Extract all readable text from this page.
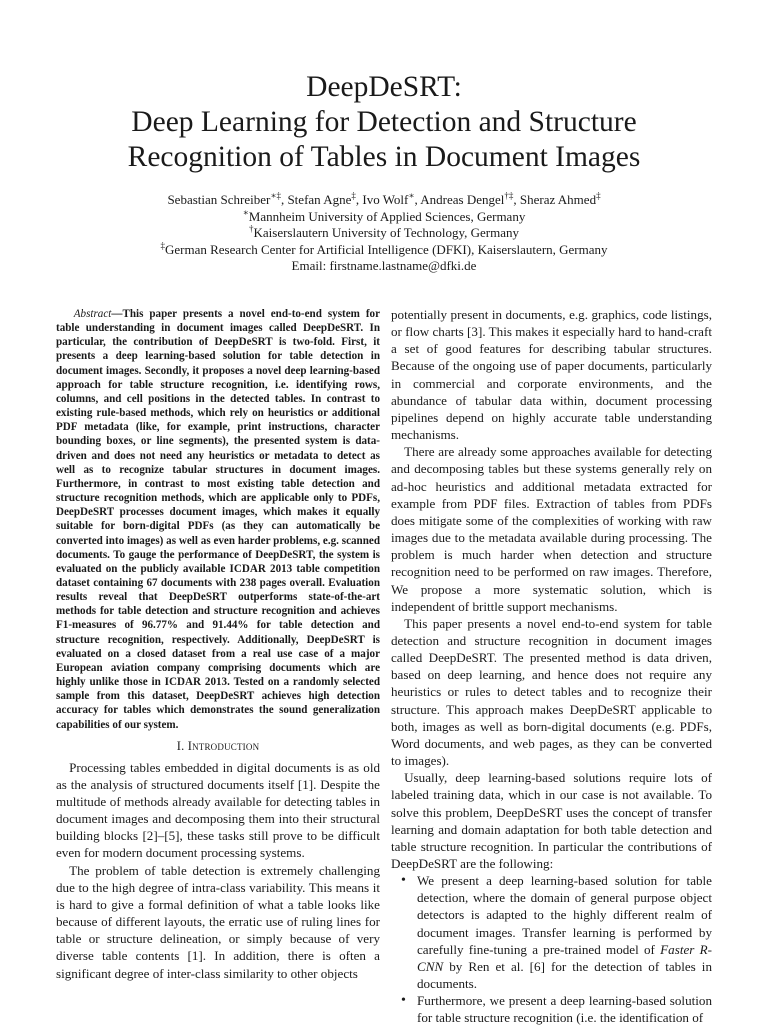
DeepDeSRT:
Deep Learning for Detection and Structure
Recognition of Tables in Document Images
Sebastian Schreiber∗‡, Stefan Agne‡, Ivo Wolf∗, Andreas Dengel†‡, Sheraz Ahmed‡
∗Mannheim University of Applied Sciences, Germany
†Kaiserslautern University of Technology, Germany
‡German Research Center for Artificial Intelligence (DFKI), Kaiserslautern, Germany
Email: firstname.lastname@dfki.de

Abstract—This paper presents a novel end-to-end system for table understanding in document images called DeepDeSRT. In particular, the contribution of DeepDeSRT is two-fold. First, it presents a deep learning-based solution for table detection in document images. Secondly, it proposes a novel deep learning-based approach for table structure recognition, i.e. identifying rows, columns, and cell positions in the detected tables. In contrast to existing rule-based methods, which rely on heuristics or additional PDF metadata (like, for example, print instructions, character bounding boxes, or line segments), the presented system is data-driven and does not need any heuristics or metadata to detect as well as to recognize tabular structures in document images. Furthermore, in contrast to most existing table detection and structure recognition methods, which are applicable only to PDFs, DeepDeSRT processes document images, which makes it equally suitable for born-digital PDFs (as they can automatically be converted into images) as well as even harder problems, e.g. scanned documents. To gauge the performance of DeepDeSRT, the system is evaluated on the publicly available ICDAR 2013 table competition dataset containing 67 documents with 238 pages overall. Evaluation results reveal that DeepDeSRT outperforms state-of-the-art methods for table detection and structure recognition and achieves F1-measures of 96.77% and 91.44% for table detection and structure recognition, respectively. Additionally, DeepDeSRT is evaluated on a closed dataset from a real use case of a major European aviation company comprising documents which are highly unlike those in ICDAR 2013. Tested on a randomly selected sample from this dataset, DeepDeSRT achieves high detection accuracy for tables which demonstrates the sound generalization capabilities of our system.

I. Introduction

Processing tables embedded in digital documents is as old as the analysis of structured documents itself [1]. Despite the multitude of methods already available for detecting tables in document images and decomposing them into their structural building blocks [2]–[5], these tasks still prove to be difficult even for modern document processing systems.

The problem of table detection is extremely challenging due to the high degree of intra-class variability. This means it is hard to give a formal definition of what a table looks like because of different layouts, the erratic use of ruling lines for table or structure delineation, or simply because of very diverse table contents [1]. In addition, there is often a significant degree of inter-class similarity to other objects

potentially present in documents, e.g. graphics, code listings, or flow charts [3]. This makes it especially hard to hand-craft a set of good features for describing tabular structures. Because of the ongoing use of paper documents, particularly in commercial and corporate environments, and the abundance of tabular data within, document processing pipelines depend on highly accurate table understanding mechanisms.

There are already some approaches available for detecting and decomposing tables but these systems generally rely on ad-hoc heuristics and additional metadata extracted for example from PDF files. Extraction of tables from PDFs does mitigate some of the complexities of working with raw images due to the metadata available during processing. The problem is much harder when detection and structure recognition need to be performed on raw images. Therefore, We propose a more systematic solution, which is independent of brittle support mechanisms.

This paper presents a novel end-to-end system for table detection and structure recognition in document images called DeepDeSRT. The presented method is data driven, based on deep learning, and hence does not require any heuristics or rules to detect tables and to recognize their structure. This approach makes DeepDeSRT applicable to both, images as well as born-digital documents (e.g. PDFs, Word documents, and web pages, as they can be converted to images).

Usually, deep learning-based solutions require lots of labeled training data, which in our case is not available. To solve this problem, DeepDeSRT uses the concept of transfer learning and domain adaptation for both table detection and table structure recognition. In particular the contributions of DeepDeSRT are the following:

• We present a deep learning-based solution for table detection, where the domain of general purpose object detectors is adapted to the highly different realm of document images. Transfer learning is performed by carefully fine-tuning a pre-trained model of Faster R-CNN by Ren et al. [6] for the detection of tables in documents.
• Furthermore, we present a deep learning-based solution for table structure recognition (i.e. the identification of
